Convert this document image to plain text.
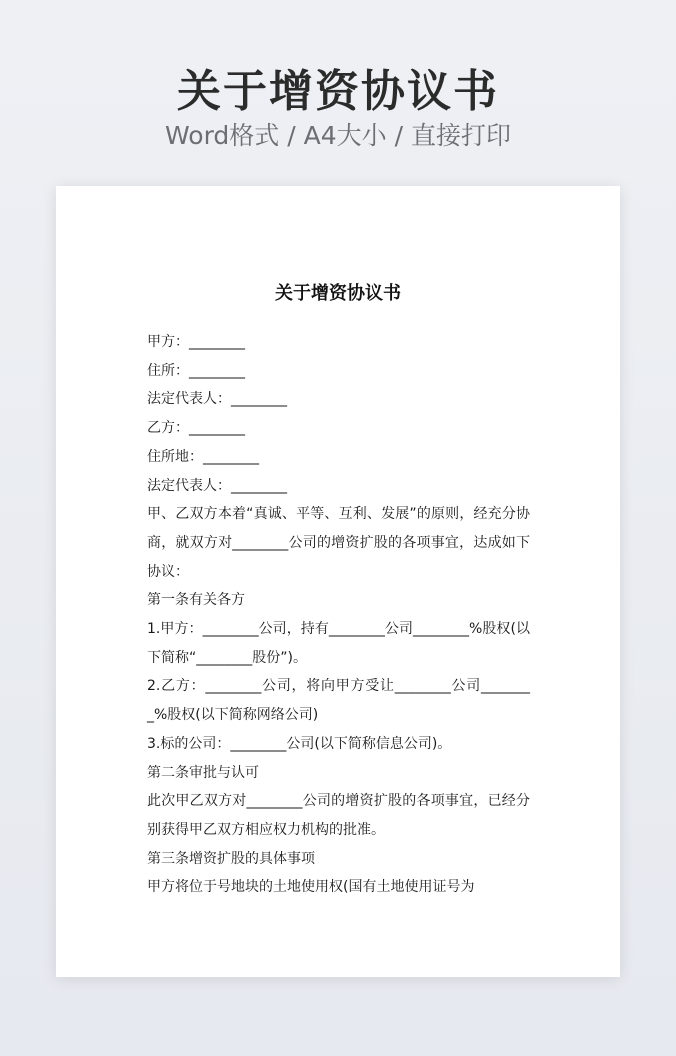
关于增资协议书
Word格式 / A4大小 / 直接打印
关于增资协议书

甲方：________

住所：________

法定代表人：________

乙方：________

住所地：________

法定代表人：________

甲、乙双方本着“真诚、平等、互利、发展”的原则，经充分协商，就双方对________公司的增资扩股的各项事宜，达成如下协议：

第一条有关各方

1.甲方：________公司，持有________公司________%股权(以下简称“________股份”)。

2.乙方：________公司，将向甲方受让________公司________%股权(以下简称网络公司)

3.标的公司：________公司(以下简称信息公司)。

第二条审批与认可

此次甲乙双方对________公司的增资扩股的各项事宜，已经分别获得甲乙双方相应权力机构的批准。

第三条增资扩股的具体事项

甲方将位于号地块的土地使用权(国有土地使用证号为
